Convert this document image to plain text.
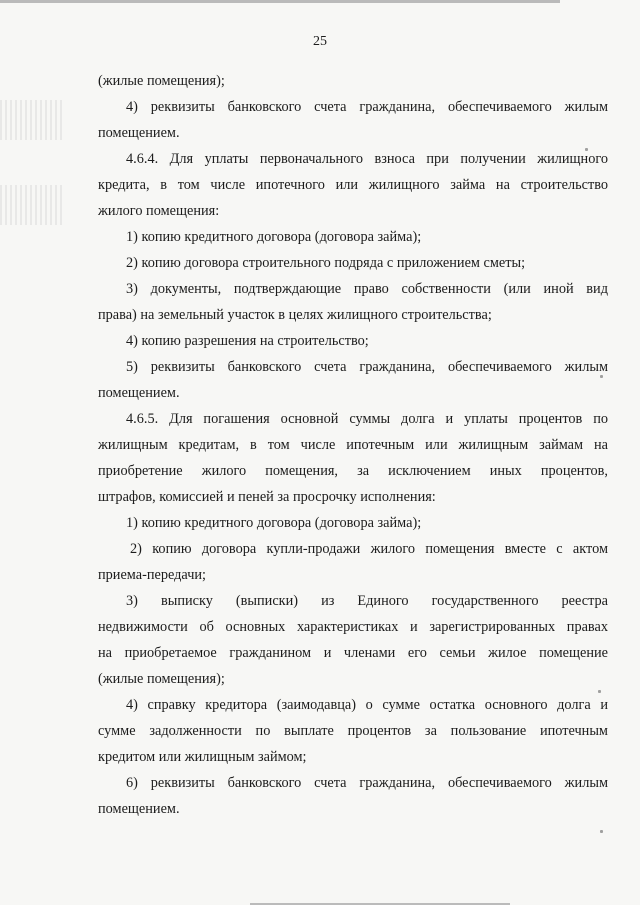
25
(жилые помещения);
4) реквизиты банковского счета гражданина, обеспечиваемого жилым
помещением.
4.6.4. Для уплаты первоначального взноса при получении жилищного
кредита, в том числе ипотечного или жилищного займа на строительство
жилого помещения:
1) копию кредитного договора (договора займа);
2) копию договора строительного подряда с приложением сметы;
3) документы, подтверждающие право собственности (или иной вид
права) на земельный участок в целях жилищного строительства;
4) копию разрешения на строительство;
5) реквизиты банковского счета гражданина, обеспечиваемого жилым
помещением.
4.6.5. Для погашения основной суммы долга и уплаты процентов по
жилищным кредитам, в том числе ипотечным или жилищным займам на
приобретение жилого помещения, за исключением иных процентов,
штрафов, комиссией и пеней за просрочку исполнения:
1) копию кредитного договора (договора займа);
2) копию договора купли-продажи жилого помещения вместе с актом
приема-передачи;
3) выписку (выписки) из Единого государственного реестра
недвижимости об основных характеристиках и зарегистрированных правах
на приобретаемое гражданином и членами его семьи жилое помещение
(жилые помещения);
4) справку кредитора (заимодавца) о сумме остатка основного долга и
сумме задолженности по выплате процентов за пользование ипотечным
кредитом или жилищным займом;
6) реквизиты банковского счета гражданина, обеспечиваемого жилым
помещением.
